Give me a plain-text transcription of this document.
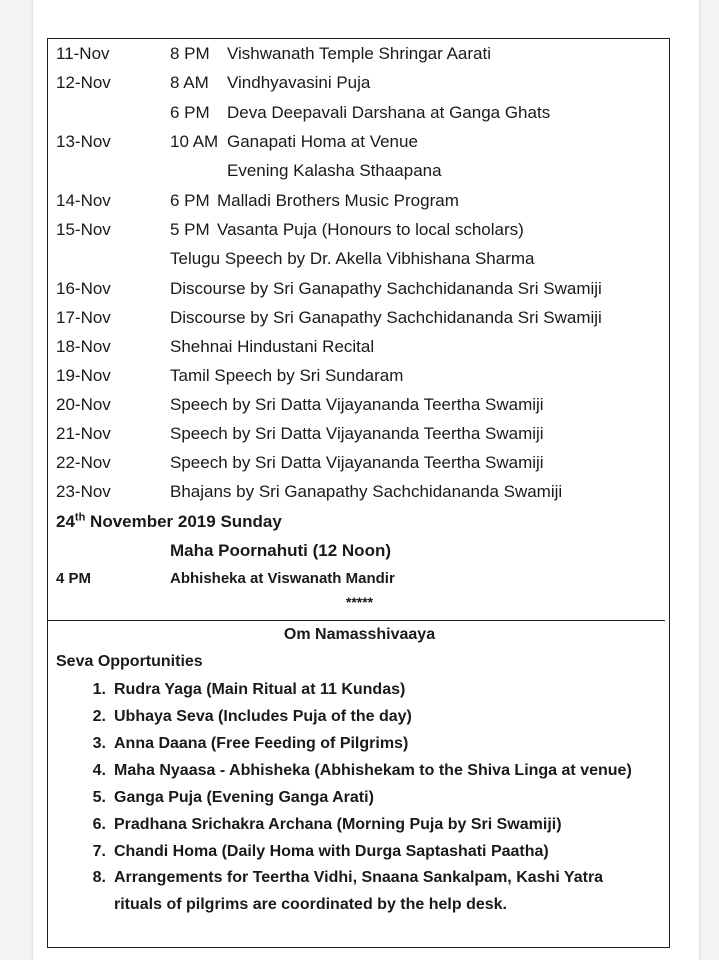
11-Nov	8 PM Vishwanath Temple Shringar Aarati
12-Nov	8 AM Vindhyavasini Puja
6 PM Deva Deepavali Darshana at Ganga Ghats
13-Nov	10 AM Ganapati Homa at Venue
Evening Kalasha Sthaapana
14-Nov	6 PM Malladi Brothers Music Program
15-Nov	5 PM Vasanta Puja (Honours to local scholars)
Telugu Speech by Dr. Akella Vibhishana Sharma
16-Nov	Discourse by Sri Ganapathy Sachchidananda Sri Swamiji
17-Nov	Discourse by Sri Ganapathy Sachchidananda Sri Swamiji
18-Nov	Shehnai Hindustani Recital
19-Nov	Tamil Speech by Sri Sundaram
20-Nov	Speech by Sri Datta Vijayananda Teertha Swamiji
21-Nov	Speech by Sri Datta Vijayananda Teertha Swamiji
22-Nov	Speech by Sri Datta Vijayananda Teertha Swamiji
23-Nov	Bhajans by Sri Ganapathy Sachchidananda Swamiji
24th November 2019 Sunday
Maha Poornahuti (12 Noon)
4 PM	Abhisheka at Viswanath Mandir
*****
Om Namasshivaaya
Seva Opportunities
1. Rudra Yaga (Main Ritual at 11 Kundas)
2. Ubhaya Seva (Includes Puja of the day)
3. Anna Daana (Free Feeding of Pilgrims)
4. Maha Nyaasa - Abhisheka (Abhishekam to the Shiva Linga at venue)
5. Ganga Puja (Evening Ganga Arati)
6. Pradhana Srichakra Archana (Morning Puja by Sri Swamiji)
7. Chandi Homa (Daily Homa with Durga Saptashati Paatha)
8. Arrangements for Teertha Vidhi, Snaana Sankalpam, Kashi Yatra
rituals of pilgrims are coordinated by the help desk.
